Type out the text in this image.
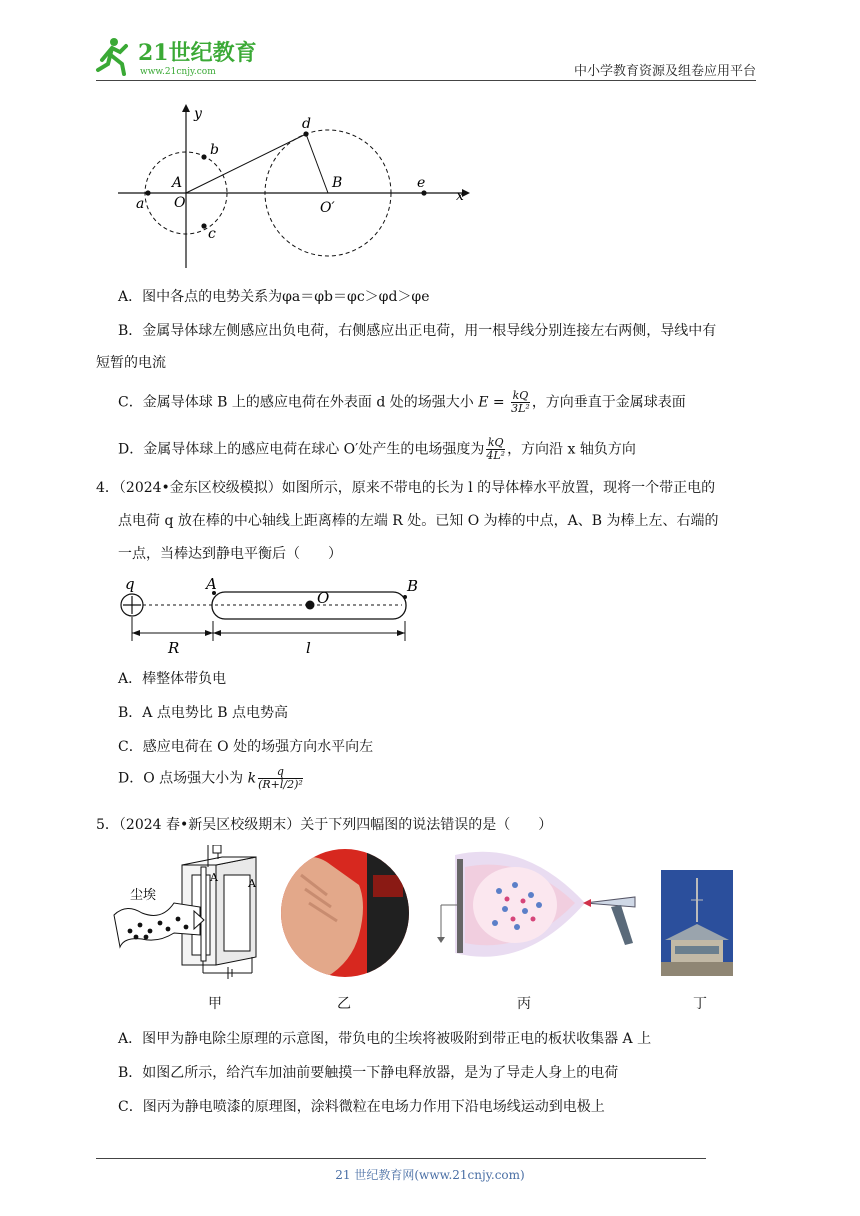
21世纪教育
www.21cnjy.com	中小学教育资源及组卷应用平台
y
x
a
b
c
A
O
d
B
O′
e
A．图中各点的电势关系为φa＝φb＝φc＞φd＞φe
B．金属导体球左侧感应出负电荷，右侧感应出正电荷，用一根导线分别连接左右两侧，导线中有
短暂的电流
C．金属导体球 B 上的感应电荷在外表面 d 处的场强大小 $E = \frac{kQ}{\text{3L²}}$ ，方向垂直于金属球表面
D．金属导体球上的感应电荷在球心 O′处产生的电场强度为 $\frac{kQ}{\text{4L²}}$ ，方向沿 x 轴负方向
4．（2024•金东区校级模拟）如图所示，原来不带电的长为 l 的导体棒水平放置，现将一个带正电的
点电荷 q 放在棒的中心轴线上距离棒的左端 R 处。已知 O 为棒的中点，A、B 为棒上左、右端的
一点，当棒达到静电平衡后（　　）
q	A
O
B
R	l
A．棒整体带负电
B．A 点电势比 B 点电势高
C．感应电荷在 O 处的场强方向水平向左
D．O 点场强大小为 k $\frac{q}{\text{(R+l/2)²}}$
5．（2024 春•新吴区校级期末）关于下列四幅图的说法错误的是（　　）
尘埃
A	A
甲	乙	丙	丁
A．图甲为静电除尘原理的示意图，带负电的尘埃将被吸附到带正电的板状收集器 A 上
B．如图乙所示，给汽车加油前要触摸一下静电释放器，是为了导走人身上的电荷
C．图丙为静电喷漆的原理图，涂料微粒在电场力作用下沿电场线运动到电极上
21 世纪教育网(www.21cnjy.com)
